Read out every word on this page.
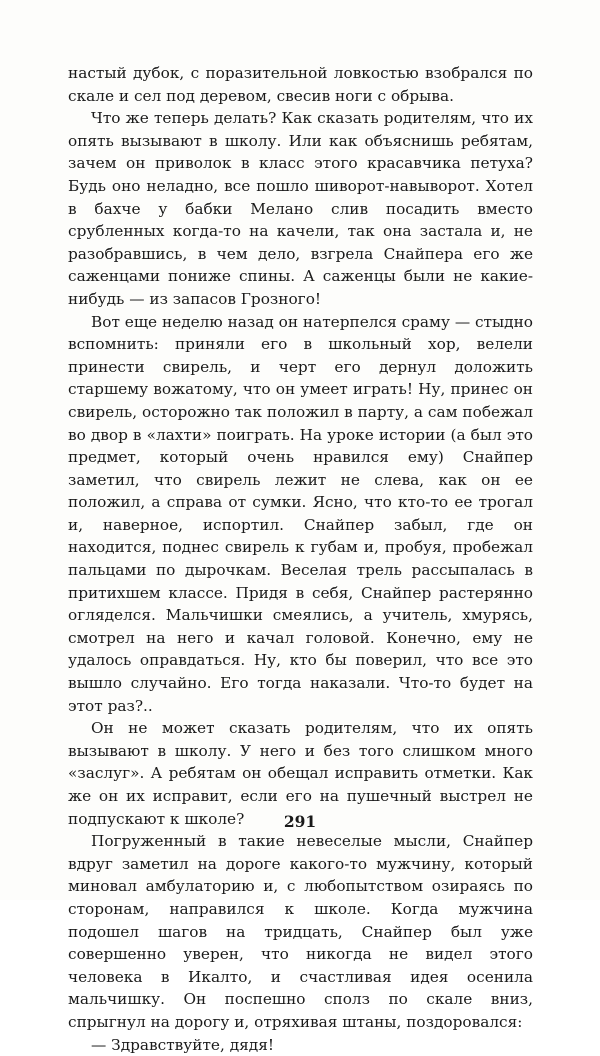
настый дубок, с поразительной ловкостью взобрался по скале и сел под деревом, свесив ноги с обрыва.

Что же теперь делать? Как сказать родителям, что их опять вызывают в школу. Или как объяснишь ребятам, зачем он приволок в класс этого красавчика петуха? Будь оно неладно, все пошло шиворот-навыворот. Хотел в бахче у бабки Мелано слив посадить вместо срубленных когда-то на качели, так она застала и, не разобравшись, в чем дело, взгрела Снайпера его же саженцами пониже спины. А саженцы были не какие-нибудь — из запасов Грозного!

Вот еще неделю назад он натерпелся сраму — стыдно вспомнить: приняли его в школьный хор, велели принести свирель, и черт его дернул доложить старшему вожатому, что он умеет играть! Ну, принес он свирель, осторожно так положил в парту, а сам побежал во двор в «лахти» поиграть. На уроке истории (а был это предмет, который очень нравился ему) Снайпер заметил, что свирель лежит не слева, как он ее положил, а справа от сумки. Ясно, что кто-то ее трогал и, наверное, испортил. Снайпер забыл, где он находится, поднес свирель к губам и, пробуя, пробежал пальцами по дырочкам. Веселая трель рассыпалась в притихшем классе. Придя в себя, Снайпер растерянно огляделся. Мальчишки смеялись, а учитель, хмурясь, смотрел на него и качал головой. Конечно, ему не удалось оправдаться. Ну, кто бы поверил, что все это вышло случайно. Его тогда наказали. Что-то будет на этот раз?..

Он не может сказать родителям, что их опять вызывают в школу. У него и без того слишком много «заслуг». А ребятам он обещал исправить отметки. Как же он их исправит, если его на пушечный выстрел не подпускают к школе?

Погруженный в такие невеселые мысли, Снайпер вдруг заметил на дороге какого-то мужчину, который миновал амбулаторию и, с любопытством озираясь по сторонам, направился к школе. Когда мужчина подошел шагов на тридцать, Снайпер был уже совершенно уверен, что никогда не видел этого человека в Икалто, и счастливая идея осенила мальчишку. Он поспешно сполз по скале вниз, спрыгнул на дорогу и, отряхивая штаны, поздоровался:

— Здравствуйте, дядя!

291
